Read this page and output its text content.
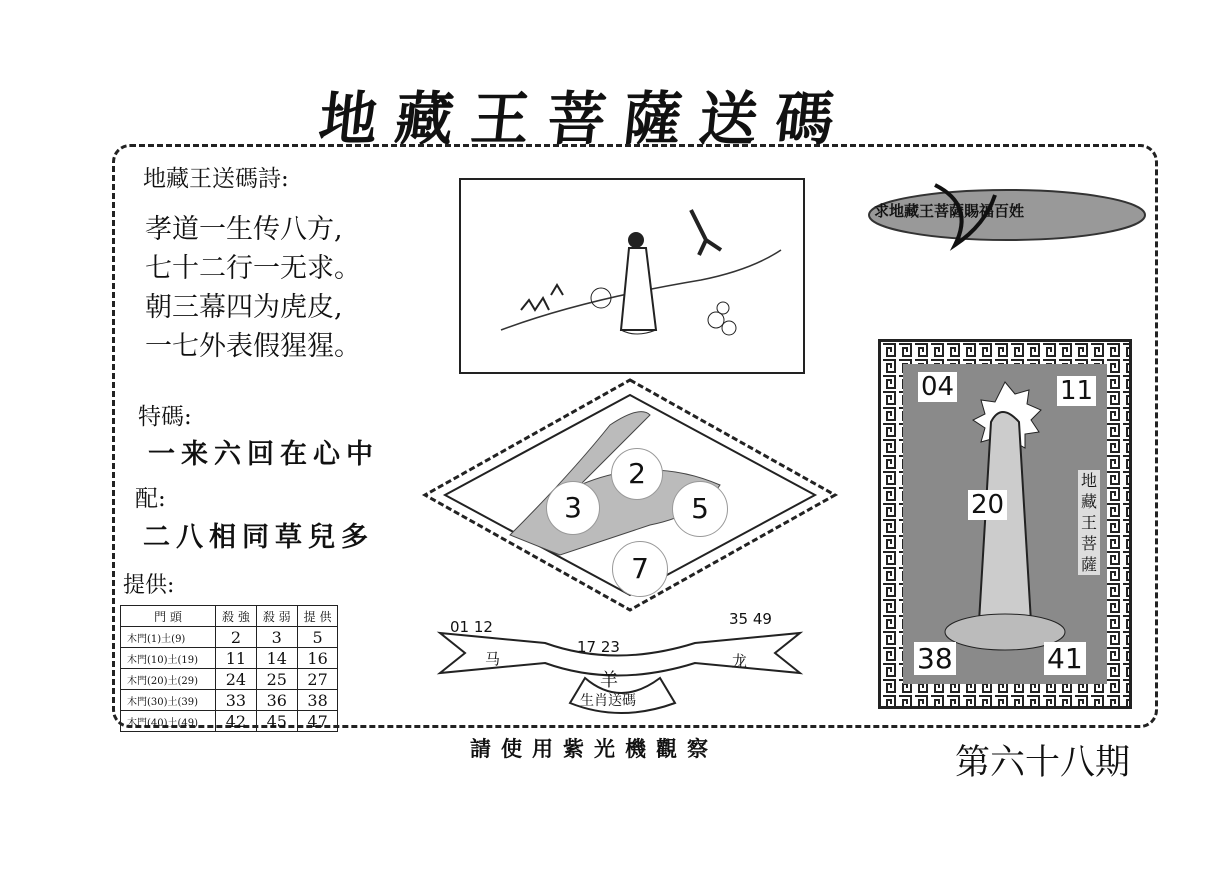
地藏王菩薩送碼
地藏王送碼詩:
孝道一生传八方,
七十二行一无求。
朝三幕四为虎皮,
一七外表假猩猩。
特碼:
一来六回在心中
配:
二八相同草兒多
提供:
門 頭	殺 強	殺 弱	提 供
木門(1)土(9)	2	3	5
木門(10)土(19)	11	14	16
木門(20)土(29)	24	25	27
木門(30)土(39)	33	36	38
木門(40)土(49)	42	45	47
2
3	5
7
01 12
17 23
35 49
马	龙
羊
生肖送碼
求地藏王菩薩賜福百姓
04	11
20
38	41
地藏王菩薩
請使用紫光機觀察	第六十八期
